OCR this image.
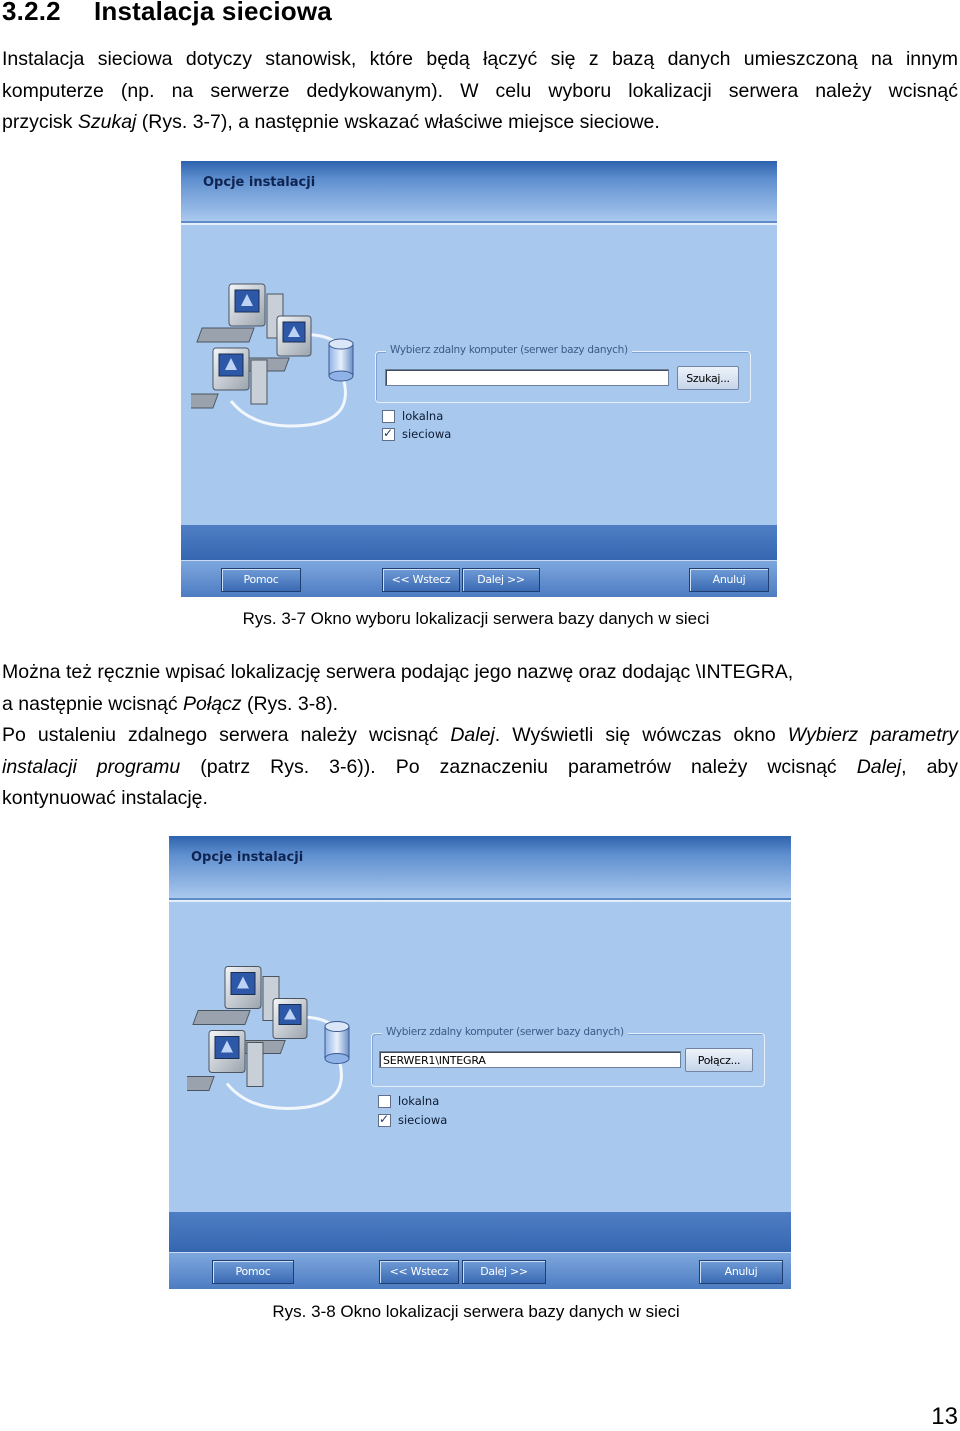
3.2.2 Instalacja sieciowa
Instalacja sieciowa dotyczy stanowisk, które będą łączyć się z bazą danych umieszczoną na innym
komputerze (np. na serwerze dedykowanym). W celu wyboru lokalizacji serwera należy wcisnąć
przycisk Szukaj (Rys. 3-7), a następnie wskazać właściwe miejsce sieciowe.
Opcje instalacji
Wybierz zdalny komputer (serwer bazy danych)
Szukaj...
lokalna
✓ sieciowa
Pomoc	<< Wstecz	Dalej >>	Anuluj
Rys. 3-7 Okno wyboru lokalizacji serwera bazy danych w sieci
Można też ręcznie wpisać lokalizację serwera podając jego nazwę oraz dodając \INTEGRA,
a następnie wcisnąć Połącz (Rys. 3-8).
Po ustaleniu zdalnego serwera należy wcisnąć Dalej. Wyświetli się wówczas okno Wybierz parametry
instalacji programu (patrz Rys. 3-6)). Po zaznaczeniu parametrów należy wcisnąć Dalej, aby
kontynuować instalację.
Opcje instalacji
Wybierz zdalny komputer (serwer bazy danych)
SERWER1\INTEGRA	Połącz...
lokalna
✓ sieciowa
Pomoc	<< Wstecz	Dalej >>	Anuluj
Rys. 3-8 Okno lokalizacji serwera bazy danych w sieci
13
